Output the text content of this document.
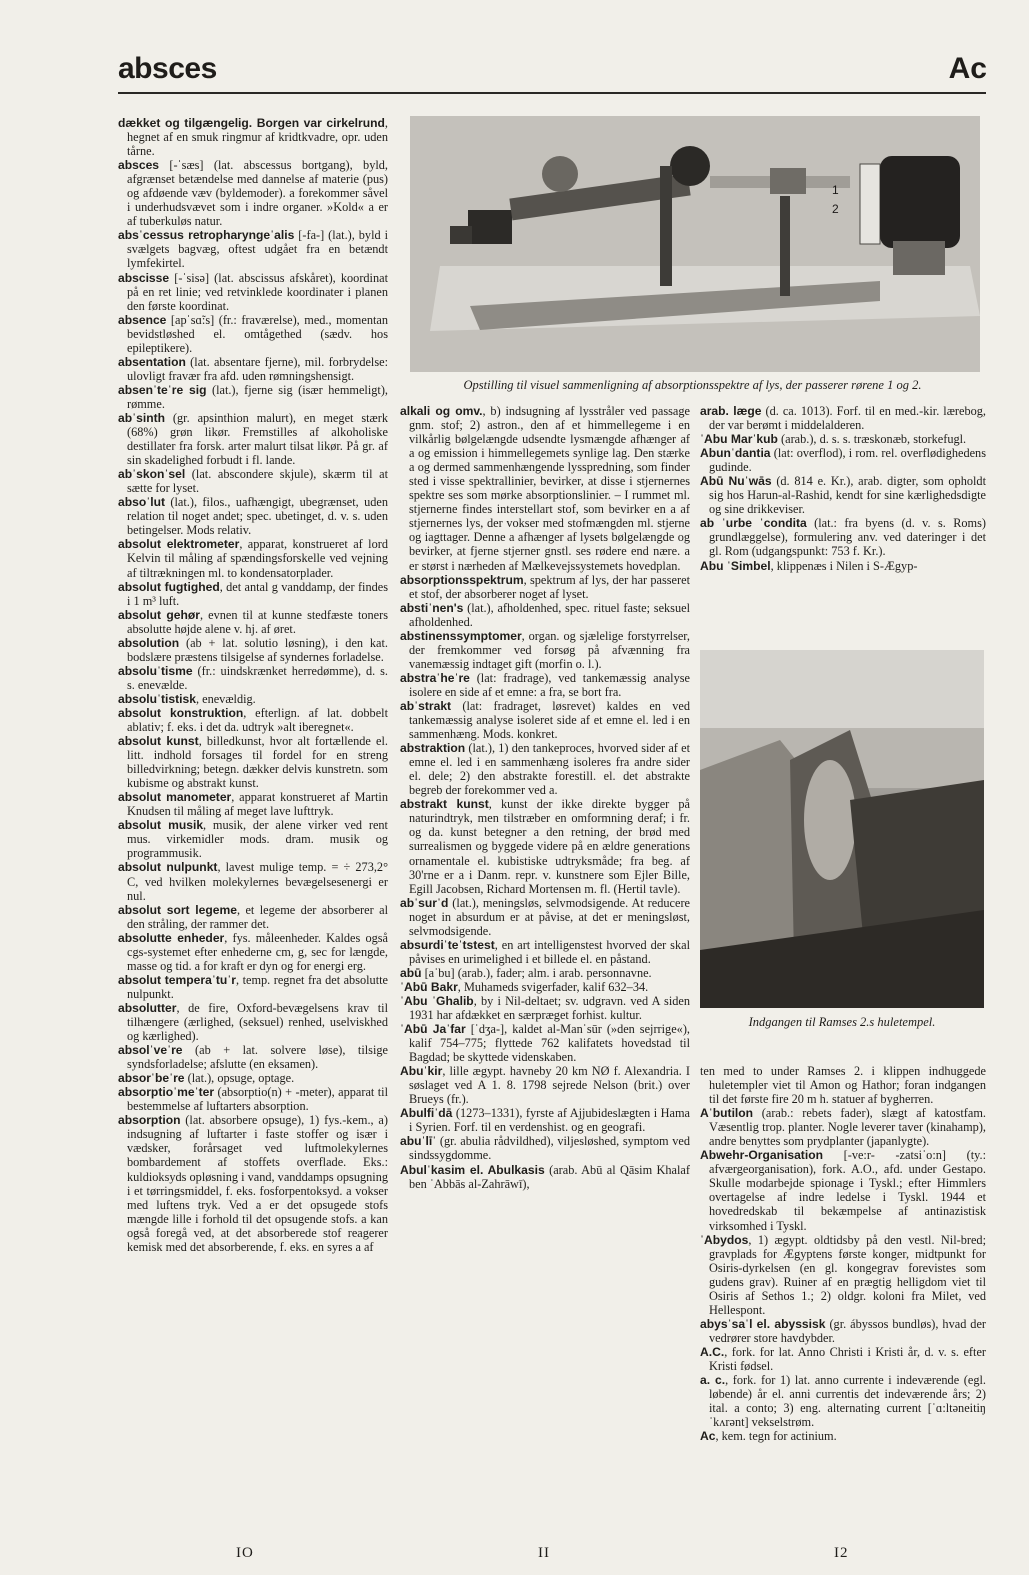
absces	Ac

dækket og tilgængelig. Borgen var cirkelrund, hegnet af en smuk ringmur af kridtkvadre, opr. uden tårne.

absces [-ˈsæs] (lat. abscessus bortgang), byld, afgrænset betændelse med dannelse af materie (pus) og afdøende væv (byldemoder). a forekommer såvel i underhudsvævet som i indre organer. »Kold« a er af tuberkuløs natur.

absˈcessus retropharyngeˈalis [-fa-] (lat.), byld i svælgets bagvæg, oftest udgået fra en betændt lymfekirtel.

abscisse [-ˈsisə] (lat. abscissus afskåret), koordinat på en ret linie; ved retvinklede koordinater i planen den første koordinat.

absence [apˈsɑ̃:s] (fr.: fraværelse), med., momentan bevidstløshed el. omtågethed (sædv. hos epileptikere).

absentation (lat. absentare fjerne), mil. forbrydelse: ulovligt fravær fra afd. uden rømningshensigt.

absenˈteˈre sig (lat.), fjerne sig (især hemmeligt), rømme.

abˈsinth (gr. apsinthion malurt), en meget stærk (68%) grøn likør. Fremstilles af alkoholiske destillater fra forsk. arter malurt tilsat likør. På gr. af sin skadelighed forbudt i fl. lande.

abˈskonˈsel (lat. abscondere skjule), skærm til at sætte for lyset.

absoˈlut (lat.), filos., uafhængigt, ubegrænset, uden relation til noget andet; spec. ubetinget, d. v. s. uden betingelser. Mods relativ.

absolut elektrometer, apparat, konstrueret af lord Kelvin til måling af spændingsforskelle ved vejning af tiltrækningen ml. to kondensatorplader.

absolut fugtighed, det antal g vanddamp, der findes i 1 m³ luft.

absolut gehør, evnen til at kunne stedfæste toners absolutte højde alene v. hj. af øret.

absolution (ab + lat. solutio løsning), i den kat. bodslære præstens tilsigelse af syndernes forladelse.

absoluˈtisme (fr.: uindskrænket herredømme), d. s. s. enevælde.

absoluˈtistisk, enevældig.

absolut konstruktion, efterlign. af lat. dobbelt ablativ; f. eks. i det da. udtryk »alt iberegnet«.

absolut kunst, billedkunst, hvor alt fortællende el. litt. indhold forsages til fordel for en streng billedvirkning; betegn. dækker delvis kunstretn. som kubisme og abstrakt kunst.

absolut manometer, apparat konstrueret af Martin Knudsen til måling af meget lave lufttryk.

absolut musik, musik, der alene virker ved rent mus. virkemidler mods. dram. musik og programmusik.

absolut nulpunkt, lavest mulige temp. = ÷ 273,2° C, ved hvilken molekylernes bevægelsesenergi er nul.

absolut sort legeme, et legeme der absorberer al den stråling, der rammer det.

absolutte enheder, fys. måleenheder. Kaldes også cgs-systemet efter enhederne cm, g, sec for længde, masse og tid. a for kraft er dyn og for energi erg.

absolut temperaˈtuˈr, temp. regnet fra det absolutte nulpunkt.

absolutter, de fire, Oxford-bevægelsens krav til tilhængere (ærlighed, (seksuel) renhed, uselviskhed og kærlighed).

absolˈveˈre (ab + lat. solvere løse), tilsige syndsforladelse; afslutte (en eksamen).

absorˈbeˈre (lat.), opsuge, optage.

absorptioˈmeˈter (absorptio(n) + -meter), apparat til bestemmelse af luftarters absorption.

absorption (lat. absorbere opsuge), 1) fys.-kem., a) indsugning af luftarter i faste stoffer og især i vædsker, forårsaget ved luftmolekylernes bombardement af stoffets overflade. Eks.: kuldioksyds opløsning i vand, vanddamps opsugning i et tørringsmiddel, f. eks. fosforpentoksyd. a vokser med luftens tryk. Ved a er det opsugede stofs mængde lille i forhold til det opsugende stofs. a kan også foregå ved, at det absorberede stof reagerer kemisk med det absorberende, f. eks. en syres a af

1
2
Opstilling til visuel sammenligning af absorptionsspektre af lys, der passerer rørene 1 og 2.

alkali og omv., b) indsugning af lysstråler ved passage gnm. stof; 2) astron., den af et himmellegeme i en vilkårlig bølgelængde udsendte lysmængde afhænger af a og emission i himmellegemets synlige lag. Den stærke a og dermed sammenhængende lysspredning, som finder sted i visse spektrallinier, bevirker, at disse i stjernernes spektre ses som mørke absorptionslinier. – I rummet ml. stjernerne findes interstellart stof, som bevirker en a af stjernernes lys, der vokser med stofmængden ml. stjerne og iagttager. Denne a afhænger af lysets bølgelængde og bevirker, at fjerne stjerner gnstl. ses rødere end nære. a er størst i nærheden af Mælkevejssystemets hovedplan.

absorptionsspektrum, spektrum af lys, der har passeret et stof, der absorberer noget af lyset.

abstiˈnen's (lat.), afholdenhed, spec. rituel faste; seksuel afholdenhed.

abstinenssymptomer, organ. og sjælelige forstyrrelser, der fremkommer ved forsøg på afvænning fra vanemæssig indtaget gift (morfin o. l.).

abstraˈheˈre (lat: fradrage), ved tankemæssig analyse isolere en side af et emne: a fra, se bort fra.

abˈstrakt (lat: fradraget, løsrevet) kaldes en ved tankemæssig analyse isoleret side af et emne el. led i en sammenhæng. Mods. konkret.

abstraktion (lat.), 1) den tankeproces, hvorved sider af et emne el. led i en sammenhæng isoleres fra andre sider el. dele; 2) den abstrakte forestill. el. det abstrakte begreb der forekommer ved a.

abstrakt kunst, kunst der ikke direkte bygger på naturindtryk, men tilstræber en omformning deraf; i fr. og da. kunst betegner a den retning, der brød med surrealismen og byggede videre på en ældre generations ornamentale el. kubistiske udtryksmåde; fra beg. af 30'rne er a i Danm. repr. v. kunstnere som Ejler Bille, Egill Jacobsen, Richard Mortensen m. fl. (Hertil tavle).

abˈsurˈd (lat.), meningsløs, selvmodsigende. At reducere noget in absurdum er at påvise, at det er meningsløst, selvmodsigende.

absurdiˈteˈtstest, en art intelligenstest hvorved der skal påvises en urimelighed i et billede el. en påstand.

abū [aˈbu] (arab.), fader; alm. i arab. personnavne.

ˈAbū Bakr, Muhameds svigerfader, kalif 632–34.

ˈAbu ˈGhalib, by i Nil-deltaet; sv. udgravn. ved A siden 1931 har afdækket en særpræget forhist. kultur.

ˈAbū Jaˈfar [ˈdʒa-], kaldet al-Manˈsūr (»den sejrrige«), kalif 754–775; flyttede 762 kalifatets hovedstad til Bagdad; be skyttede videnskaben.

Abuˈkir, lille ægypt. havneby 20 km NØ f. Alexandria. I søslaget ved A 1. 8. 1798 sejrede Nelson (brit.) over Brueys (fr.).

Abulfiˈdā (1273–1331), fyrste af Ajjubideslægten i Hama i Syrien. Forf. til en verdenshist. og en geografi.

abuˈlīˈ (gr. abulia rådvildhed), viljesløshed, symptom ved sindssygdomme.

Abulˈkasim el. Abulkasis (arab. Abū al Qāsim Khalaf ben ˈAbbās al-Zahrāwī),

arab. læge (d. ca. 1013). Forf. til en med.-kir. lærebog, der var berømt i middelalderen.

ˈAbu Marˈkub (arab.), d. s. s. træskonæb, storkefugl.

Abunˈdantia (lat: overflod), i rom. rel. overflødighedens gudinde.

Abū Nuˈwās (d. 814 e. Kr.), arab. digter, som opholdt sig hos Harun-al-Rashid, kendt for sine kærlighedsdigte og sine drikkeviser.

ab ˈurbe ˈcondita (lat.: fra byens (d. v. s. Roms) grundlæggelse), formulering anv. ved dateringer i det gl. Rom (udgangspunkt: 753 f. Kr.).

Abu ˈSimbel, klippenæs i Nilen i S-Ægyp-

Indgangen til Ramses 2.s huletempel.

ten med to under Ramses 2. i klippen indhuggede huletempler viet til Amon og Hathor; foran indgangen til det første fire 20 m h. statuer af bygherren.

Aˈbutilon (arab.: rebets fader), slægt af katostfam. Væsentlig trop. planter. Nogle leverer taver (kinahamp), andre benyttes som prydplanter (japanlygte).

Abwehr-Organisation [-ve:r- -zatsiˈo:n] (ty.: afværgeorganisation), fork. A.O., afd. under Gestapo. Skulle modarbejde spionage i Tyskl.; efter Himmlers overtagelse af indre ledelse i Tyskl. 1944 et hovedredskab til bekæmpelse af antinazistisk virksomhed i Tyskl.

ˈAbydos, 1) ægypt. oldtidsby på den vestl. Nil-bred; gravplads for Ægyptens første konger, midtpunkt for Osiris-dyrkelsen (en gl. kongegrav forevistes som gudens grav). Ruiner af en prægtig helligdom viet til Osiris af Sethos 1.; 2) oldgr. koloni fra Milet, ved Hellespont.

abysˈsaˈl el. abyssisk (gr. ábyssos bundløs), hvad der vedrører store havdybder.

A.C., fork. for lat. Anno Christi i Kristi år, d. v. s. efter Kristi fødsel.

a. c., fork. for 1) lat. anno currente i indeværende (egl. løbende) år el. anni currentis det indeværende års; 2) ital. a conto; 3) eng. alternating current [ˈɑ:ltəneitiŋ ˈkʌrənt] vekselstrøm.

Ac, kem. tegn for actinium.

IO	II	I2
